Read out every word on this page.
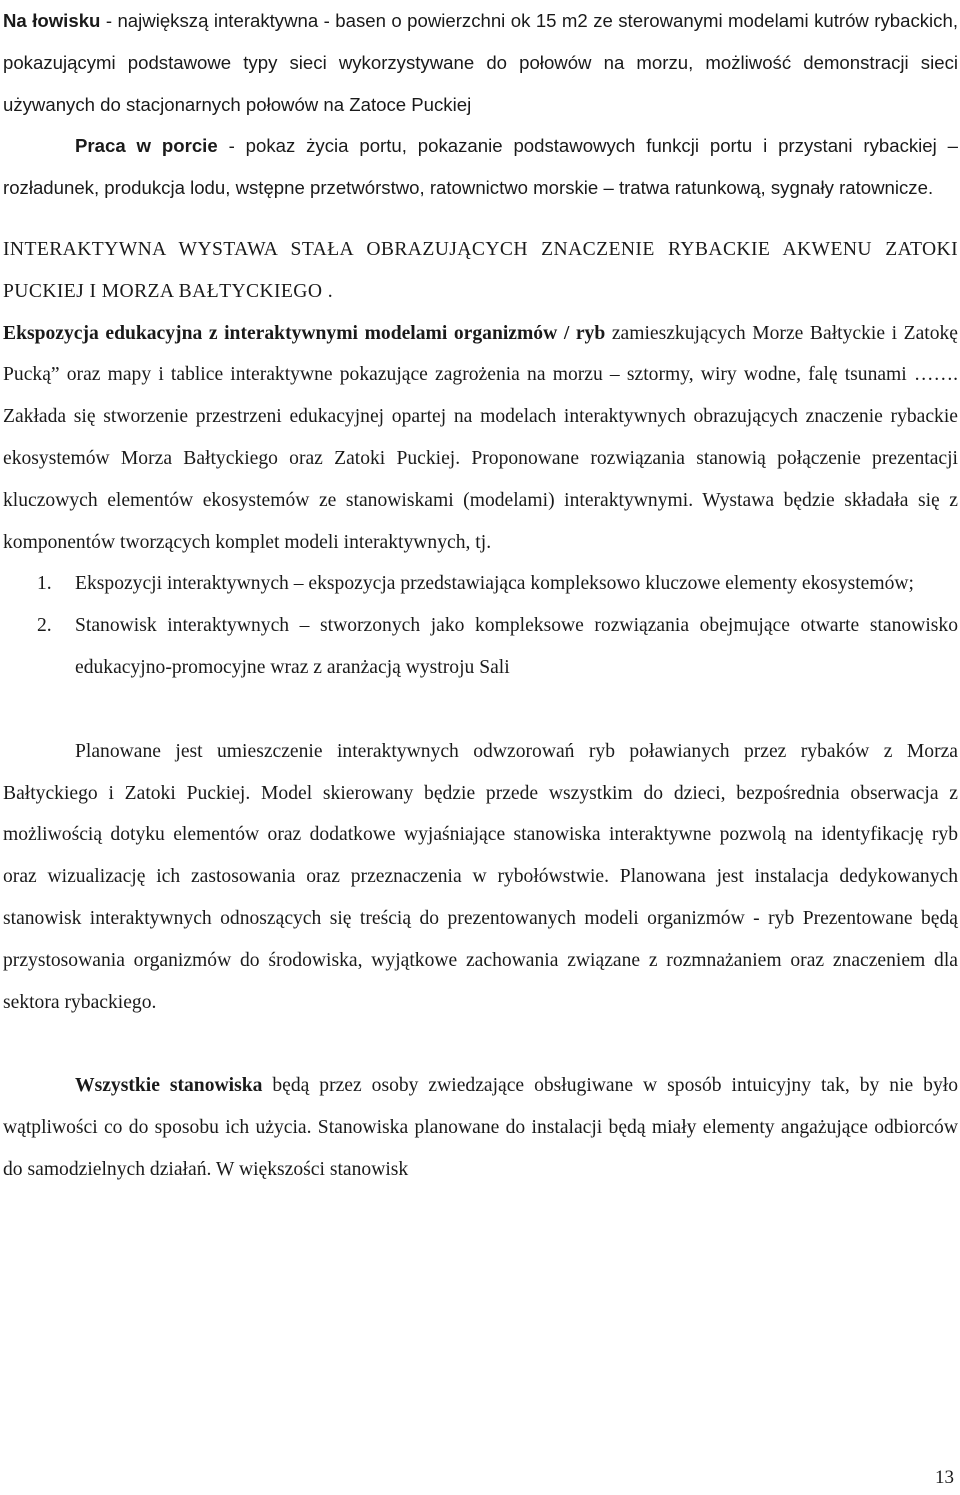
Na łowisku - największą interaktywna - basen o powierzchni ok 15 m2 ze sterowanymi modelami kutrów rybackich, pokazującymi podstawowe typy sieci wykorzystywane do połowów na morzu, możliwość demonstracji sieci używanych do stacjonarnych połowów na Zatoce Puckiej

Praca w porcie - pokaz życia portu, pokazanie podstawowych funkcji portu i przystani rybackiej – rozładunek, produkcja lodu, wstępne przetwórstwo, ratownictwo morskie – tratwa ratunkową, sygnały ratownicze.

INTERAKTYWNA WYSTAWA STAŁA OBRAZUJĄCYCH ZNACZENIE RYBACKIE AKWENU ZATOKI PUCKIEJ I MORZA BAŁTYCKIEGO .

Ekspozycja edukacyjna z interaktywnymi modelami organizmów / ryb zamieszkujących Morze Bałtyckie i Zatokę Pucką” oraz mapy i tablice interaktywne pokazujące zagrożenia na morzu – sztormy, wiry wodne, falę tsunami ……. Zakłada się stworzenie przestrzeni edukacyjnej opartej na modelach interaktywnych obrazujących znaczenie rybackie ekosystemów Morza Bałtyckiego oraz Zatoki Puckiej. Proponowane rozwiązania stanowią połączenie prezentacji kluczowych elementów ekosystemów ze stanowiskami (modelami) interaktywnymi. Wystawa będzie składała się z komponentów tworzących komplet modeli interaktywnych, tj.

1. Ekspozycji interaktywnych – ekspozycja przedstawiająca kompleksowo kluczowe elementy ekosystemów;
2. Stanowisk interaktywnych – stworzonych jako kompleksowe rozwiązania obejmujące otwarte stanowisko edukacyjno-promocyjne wraz z aranżacją wystroju Sali

Planowane jest umieszczenie interaktywnych odwzorowań ryb poławianych przez rybaków z Morza Bałtyckiego i Zatoki Puckiej. Model skierowany będzie przede wszystkim do dzieci, bezpośrednia obserwacja z możliwością dotyku elementów oraz dodatkowe wyjaśniające stanowiska interaktywne pozwolą na identyfikację ryb oraz wizualizację ich zastosowania oraz przeznaczenia w rybołówstwie. Planowana jest instalacja dedykowanych stanowisk interaktywnych odnoszących się treścią do prezentowanych modeli organizmów - ryb Prezentowane będą przystosowania organizmów do środowiska, wyjątkowe zachowania związane z rozmnażaniem oraz znaczeniem dla sektora rybackiego.

Wszystkie stanowiska będą przez osoby zwiedzające obsługiwane w sposób intuicyjny tak, by nie było wątpliwości co do sposobu ich użycia. Stanowiska planowane do instalacji będą miały elementy angażujące odbiorców do samodzielnych działań. W większości stanowisk

13
